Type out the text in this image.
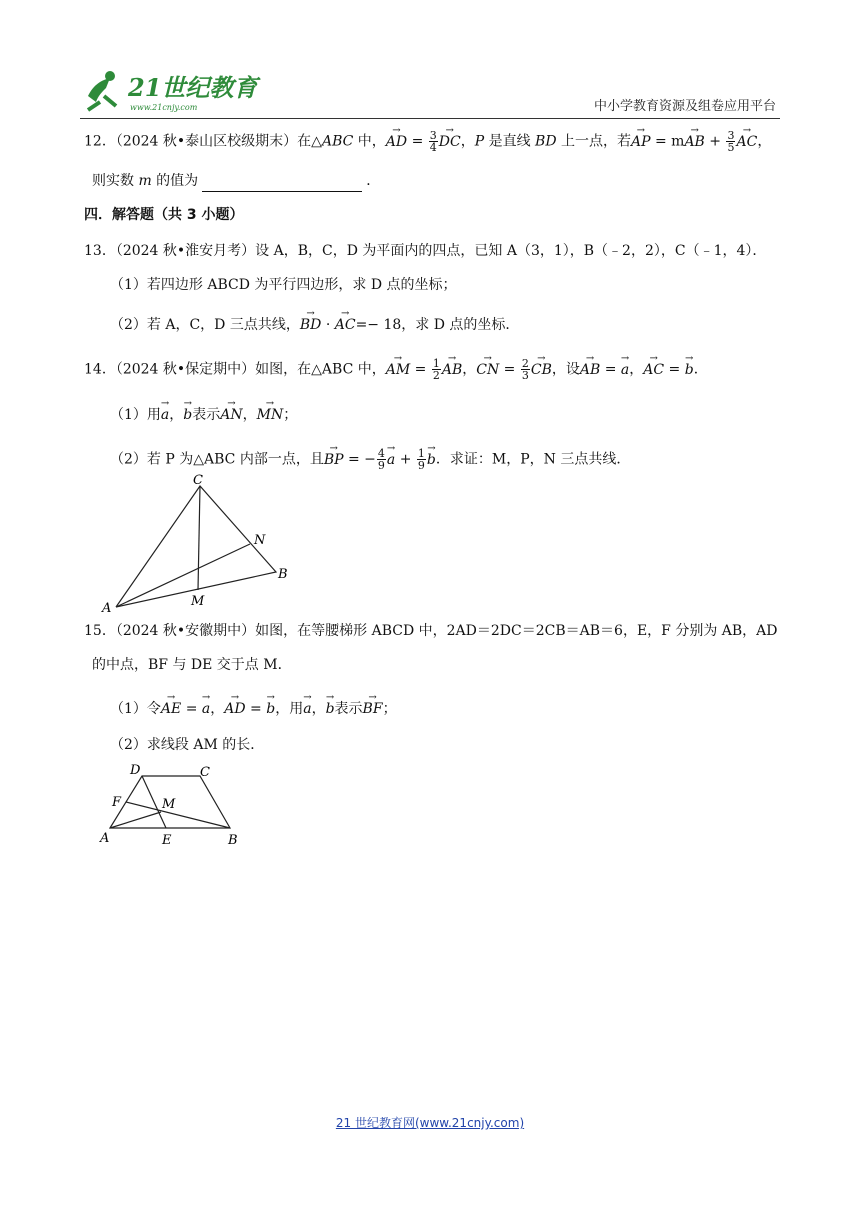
21世纪教育
www.21cnjy.com	中小学教育资源及组卷应用平台
12．（2024 秋•泰山区校级期末）在△ABC 中，→ AD = $\frac{3}{4}$
→ DC，P 是直线 BD 上一点，若→ AP = m→ AB + $\frac{3}{5}$
→ AC，
则实数 m 的值为	．
四．解答题（共 3 小题）
13．（2024 秋•淮安月考）设 A，B，C，D 为平面内的四点，已知 A（3，1），B（﹣2，2），C（﹣1，4）．
（1）若四边形 ABCD 为平行四边形，求 D 点的坐标；
（2）若 A，C，D 三点共线，→ BD · → AC=− 18，求 D 点的坐标．
14．（2024 秋•保定期中）如图，在△ABC 中，→ AM = $\frac{1}{2}$
→ AB，→ CN = $\frac{2}{3}$
→ CB，设→ AB = → a，→ AC = → b．
（1）用→ a，→ b表示→ AN，→ MN；
（2）若 P 为△ABC 内部一点，且→ BP = − $\frac{4}{9}$
→ $a + \frac{1}{9}$
→ b．求证：M，P，N 三点共线．
C
N
B
A	M
15．（2024 秋•安徽期中）如图，在等腰梯形 ABCD 中，2AD＝2DC＝2CB＝AB＝6，E，F 分别为 AB，AD
的中点，BF 与 DE 交于点 M．
（1）令→ AE = → a，→ AD = → b，用→ a，→ b表示→ BF；
（2）求线段 AM 的长．
D	C
F	M
A	E	B
21 世纪教育网(www.21cnjy.com)
